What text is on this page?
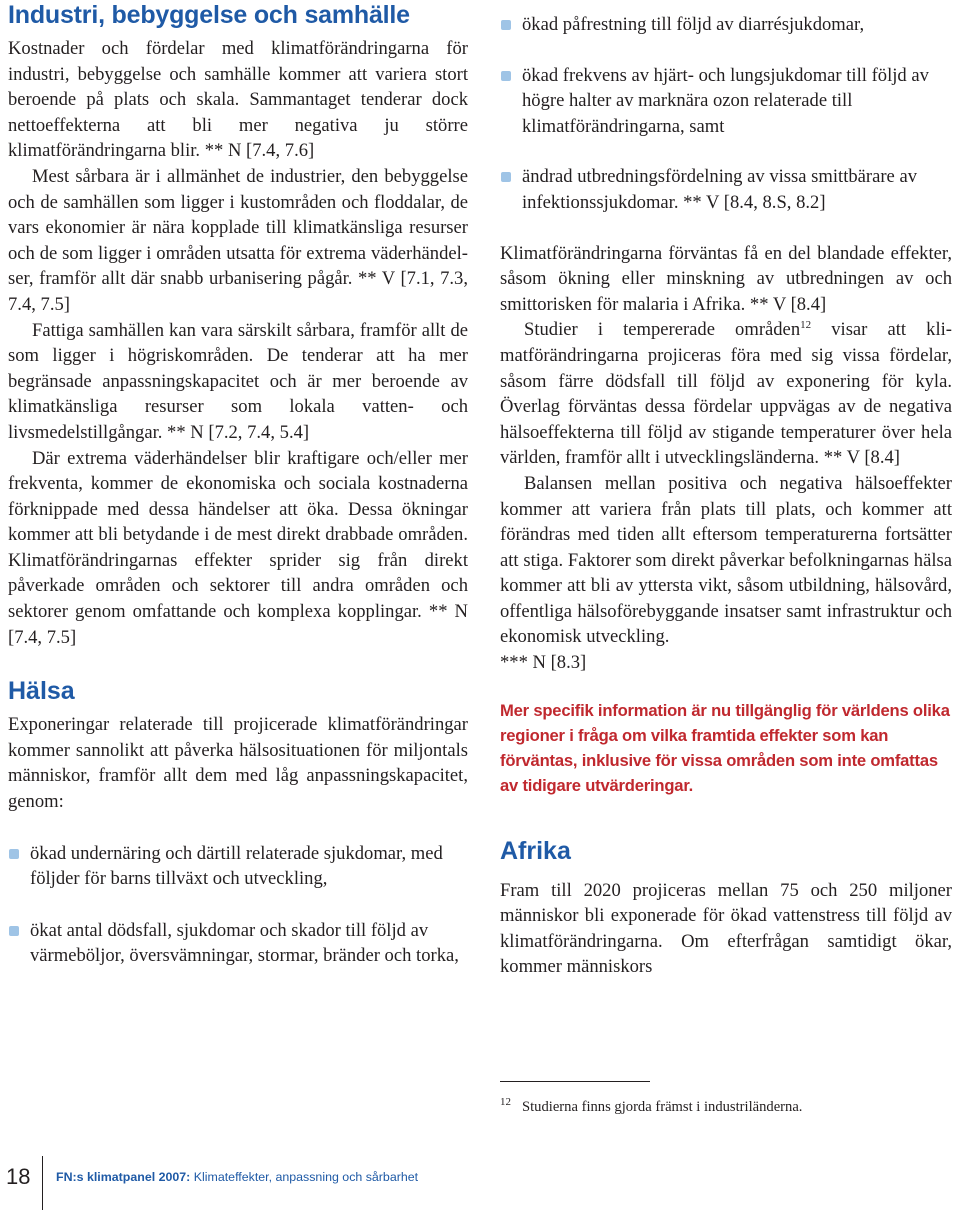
Industri, bebyggelse och samhälle

Kostnader och fördelar med klimatförändringarna för industri, bebyggelse och samhälle kommer att variera stort beroende på plats och skala. Sammantaget tenderar dock nettoeffekterna att bli mer negativa ju större klimatförändringarna blir. ** N [7.4, 7.6]

Mest sårbara är i allmänhet de industrier, den bebyggelse och de samhällen som ligger i kustområden och floddalar, de vars ekonomier är nära kopplade till klimatkänsliga resurser och de som ligger i områden utsatta för extrema väderhändelser, framför allt där snabb urbanisering pågår. ** V [7.1, 7.3, 7.4, 7.5]

Fattiga samhällen kan vara särskilt sårbara, framför allt de som ligger i högriskområden. De tenderar att ha mer begränsade anpassningskapacitet och är mer beroende av klimatkänsliga resurser som lokala vatten- och livsmedelstillgångar. ** N [7.2, 7.4, 5.4]

Där extrema väderhändelser blir kraftigare och/eller mer frekventa, kommer de ekonomiska och sociala kostnaderna förknippade med dessa händelser att öka. Dessa ökningar kommer att bli betydande i de mest direkt drabbade områden. Klimatförändringarnas effekter sprider sig från direkt påverkade områden och sektorer till andra områden och sektorer genom omfattande och komplexa kopplingar. ** N [7.4, 7.5]

Hälsa

Exponeringar relaterade till projicerade klimatförändringar kommer sannolikt att påverka hälsosituationen för miljontals människor, framför allt dem med låg anpassningskapacitet, genom:

ökad undernäring och därtill relaterade sjukdomar, med följder för barns tillväxt och utveckling,
ökat antal dödsfall, sjukdomar och skador till följd av värmeböljor, översvämningar, stormar, bränder och torka,
ökad påfrestning till följd av diarrésjukdomar,
ökad frekvens av hjärt- och lungsjukdomar till följd av högre halter av marknära ozon relaterade till klimatförändringarna, samt
ändrad utbredningsfördelning av vissa smittbärare av infektionssjukdomar. ** V [8.4, 8.S, 8.2]

Klimatförändringarna förväntas få en del blandade effekter, såsom ökning eller minskning av utbredningen av och smittorisken för malaria i Afrika. ** V [8.4]

Studier i tempererade områden$^{12}$ visar att klimatförändringarna projiceras föra med sig vissa fördelar, såsom färre dödsfall till följd av exponering för kyla. Överlag förväntas dessa fördelar uppvägas av de negativa hälsoeffekterna till följd av stigande temperaturer över hela världen, framför allt i utvecklingsländerna. ** V [8.4]

Balansen mellan positiva och negativa hälsoeffekter kommer att variera från plats till plats, och kommer att förändras med tiden allt eftersom temperaturerna fortsätter att stiga. Faktorer som direkt påverkar befolkningarnas hälsa kommer att bli av yttersta vikt, såsom utbildning, hälsovård, offentliga hälsoförebyggande insatser samt infrastruktur och ekonomisk utveckling.

*** N [8.3]

Mer specifik information är nu tillgänglig för världens olika regioner i fråga om vilka framtida effekter som kan förväntas, inklusive för vissa områden som inte omfattas av tidigare utvärderingar.
Afrika

Fram till 2020 projiceras mellan 75 och 250 miljoner människor bli exponerade för ökad vattenstress till följd av klimatförändringarna. Om efterfrågan samtidigt ökar, kommer människors

$^{12}$ Studierna finns gjorda främst i industriländerna.
18 FN:s klimatpanel 2007: Klimateffekter, anpassning och sårbarhet
